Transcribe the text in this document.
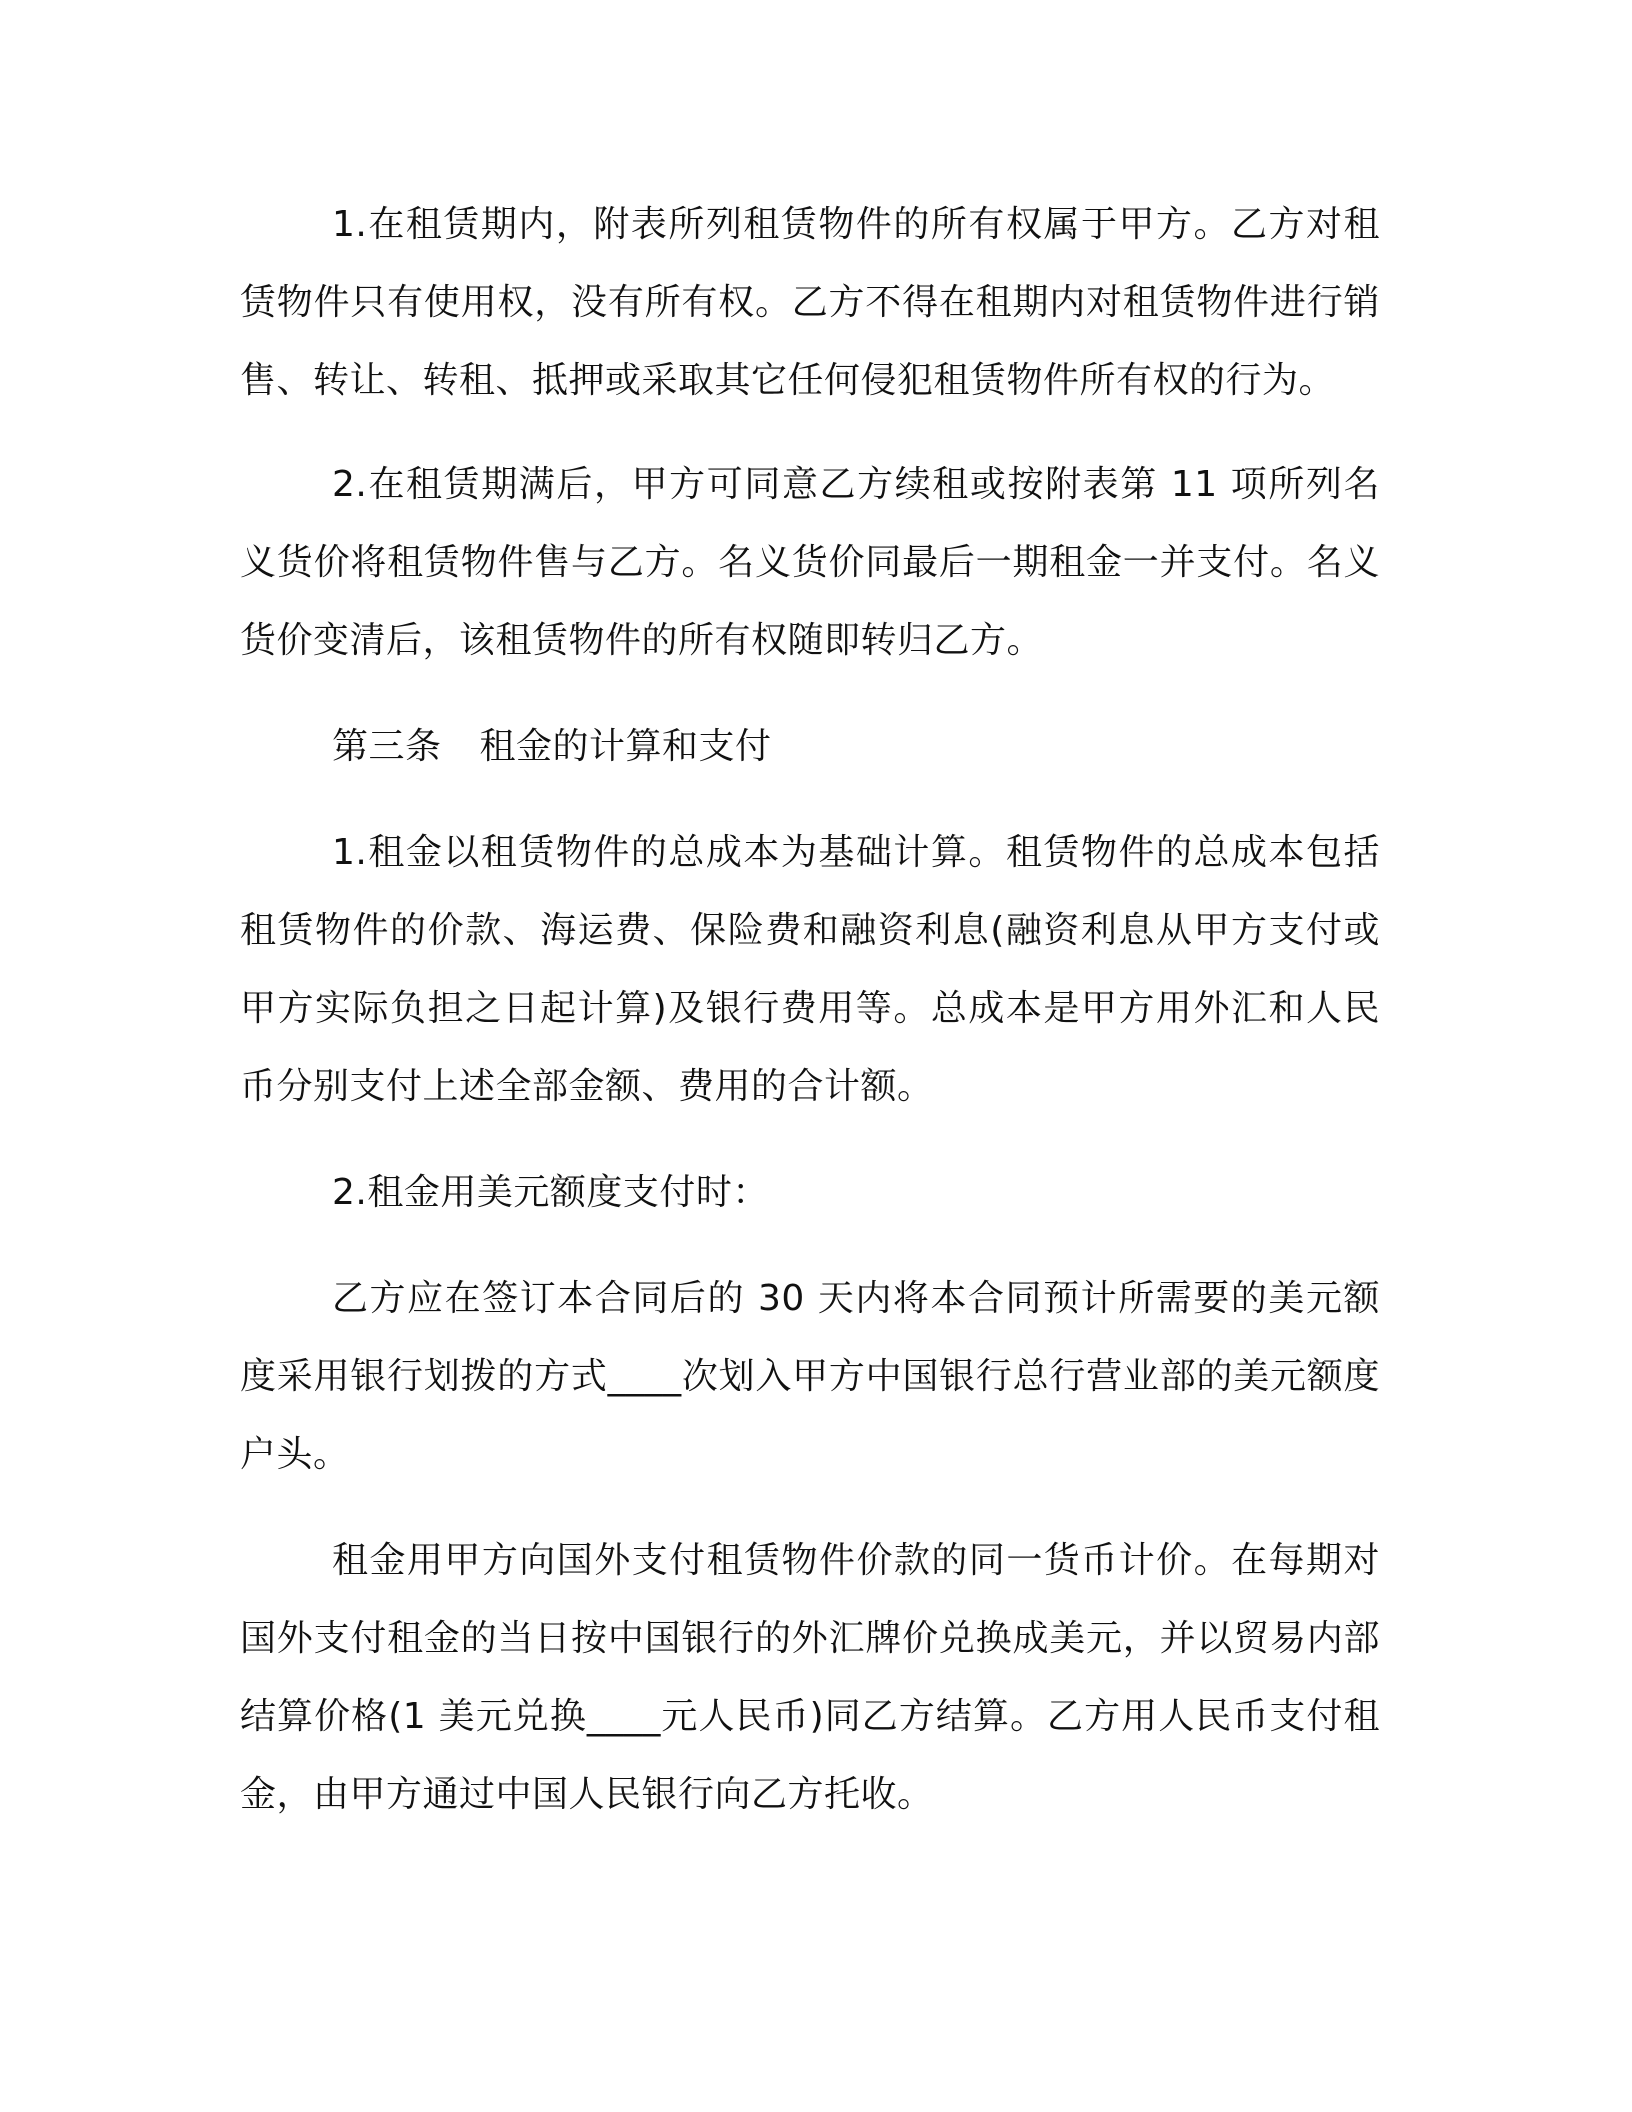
1.在租赁期内，附表所列租赁物件的所有权属于甲方。乙方对租赁物件只有使用权，没有所有权。乙方不得在租期内对租赁物件进行销售、转让、转租、抵押或采取其它任何侵犯租赁物件所有权的行为。

2.在租赁期满后，甲方可同意乙方续租或按附表第 11 项所列名义货价将租赁物件售与乙方。名义货价同最后一期租金一并支付。名义货价变清后，该租赁物件的所有权随即转归乙方。

第三条 租金的计算和支付

1.租金以租赁物件的总成本为基础计算。租赁物件的总成本包括租赁物件的价款、海运费、保险费和融资利息(融资利息从甲方支付或甲方实际负担之日起计算)及银行费用等。总成本是甲方用外汇和人民币分别支付上述全部金额、费用的合计额。

2.租金用美元额度支付时：

乙方应在签订本合同后的 30 天内将本合同预计所需要的美元额度采用银行划拨的方式____次划入甲方中国银行总行营业部的美元额度户头。

租金用甲方向国外支付租赁物件价款的同一货币计价。在每期对国外支付租金的当日按中国银行的外汇牌价兑换成美元，并以贸易内部结算价格(1 美元兑换____元人民币)同乙方结算。乙方用人民币支付租金，由甲方通过中国人民银行向乙方托收。
